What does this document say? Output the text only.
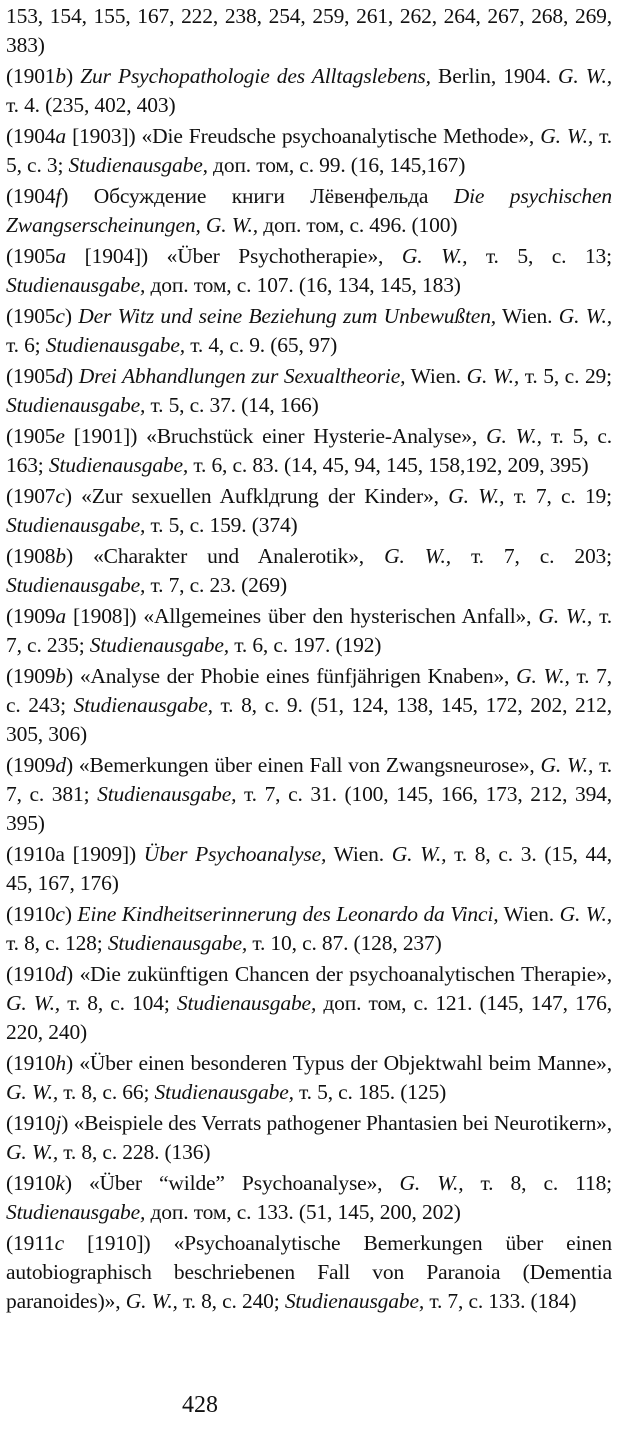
153, 154, 155, 167, 222, 238, 254, 259, 261, 262, 264, 267, 268, 269, 383)
(1901b) Zur Psychopathologie des Alltagslebens, Berlin, 1904. G. W., т. 4. (235, 402, 403)
(1904a [1903]) «Die Freudsche psychoanalytische Methode», G. W., т. 5, с. 3; Studienausgabe, доп. том, с. 99. (16, 145,167)
(1904f) Обсуждение книги Лёвенфельда Die psychischen Zwangserscheinungen, G. W., доп. том, с. 496. (100)
(1905a [1904]) «Über Psychotherapie», G. W., т. 5, с. 13; Studienausgabe, доп. том, с. 107. (16, 134, 145, 183)
(1905c) Der Witz und seine Beziehung zum Unbewußten, Wien. G. W., т. 6; Studienausgabe, т. 4, с. 9. (65, 97)
(1905d) Drei Abhandlungen zur Sexualtheorie, Wien. G. W., т. 5, с. 29; Studienausgabe, т. 5, с. 37. (14, 166)
(1905e [1901]) «Bruchstück einer Hysterie-Analyse», G. W., т. 5, с. 163; Studienausgabe, т. 6, с. 83. (14, 45, 94, 145, 158,192, 209, 395)
(1907c) «Zur sexuellen Aufklдrung der Kinder», G. W., т. 7, с. 19; Studienausgabe, т. 5, с. 159. (374)
(1908b) «Charakter und Analerotik», G. W., т. 7, с. 203; Studienausgabe, т. 7, с. 23. (269)
(1909a [1908]) «Allgemeines über den hysterischen Anfall», G. W., т. 7, с. 235; Studienausgabe, т. 6, с. 197. (192)
(1909b) «Analyse der Phobie eines fünfjährigen Knaben», G. W., т. 7, с. 243; Studienausgabe, т. 8, с. 9. (51, 124, 138, 145, 172, 202, 212, 305, 306)
(1909d) «Bemerkungen über einen Fall von Zwangsneurose», G. W., т. 7, с. 381; Studienausgabe, т. 7, с. 31. (100, 145, 166, 173, 212, 394, 395)
(1910a [1909]) Über Psychoanalyse, Wien. G. W., т. 8, с. 3. (15, 44, 45, 167, 176)
(1910c) Eine Kindheitserinnerung des Leonardo da Vinci, Wien. G. W., т. 8, с. 128; Studienausgabe, т. 10, с. 87. (128, 237)
(1910d) «Die zukünftigen Chancen der psychoanalytischen Therapie», G. W., т. 8, с. 104; Studienausgabe, доп. том, с. 121. (145, 147, 176, 220, 240)
(1910h) «Über einen besonderen Typus der Objektwahl beim Manne», G. W., т. 8, с. 66; Studienausgabe, т. 5, с. 185. (125)
(1910j) «Beispiele des Verrats pathogener Phantasien bei Neurotikern», G. W., т. 8, с. 228. (136)
(1910k) «Über “wilde” Psychoanalyse», G. W., т. 8, с. 118; Studienausgabe, доп. том, с. 133. (51, 145, 200, 202)
(1911c [1910]) «Psychoanalytische Bemerkungen über einen autobiographisch beschriebenen Fall von Paranoia (Dementia paranoides)», G. W., т. 8, с. 240; Studienausgabe, т. 7, с. 133. (184)
428
